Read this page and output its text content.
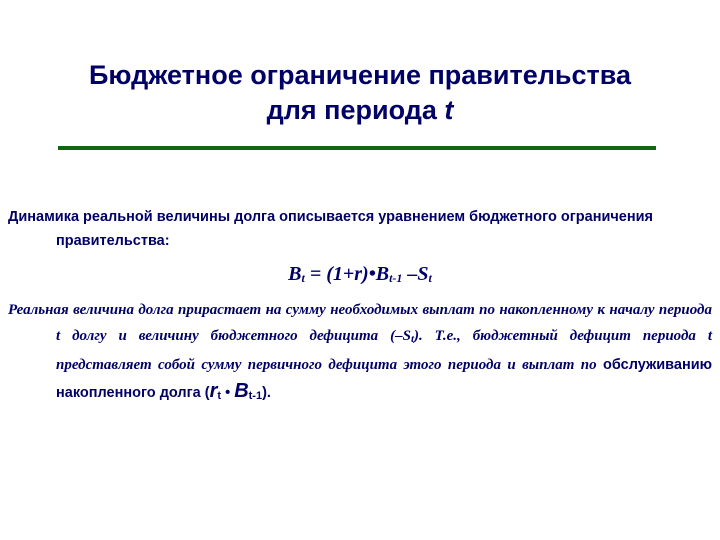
Бюджетное ограничение правительства
для периода t

Динамика реальной величины долга описывается уравнением бюджетного ограничения правительства:

$B_t$ = $(1+r)•B_{t-1}$ $-S_t$

Реальная величина долга прирастает на сумму необходимых выплат по накопленному к началу периода t долгу и величину бюджетного дефицита $(-S_t)$. Т.е., бюджетный дефицит периода t представляет собой сумму первичного дефицита этого периода и выплат по обслуживанию накопленного долга ($r_t$ • $B_{t-1}$).
